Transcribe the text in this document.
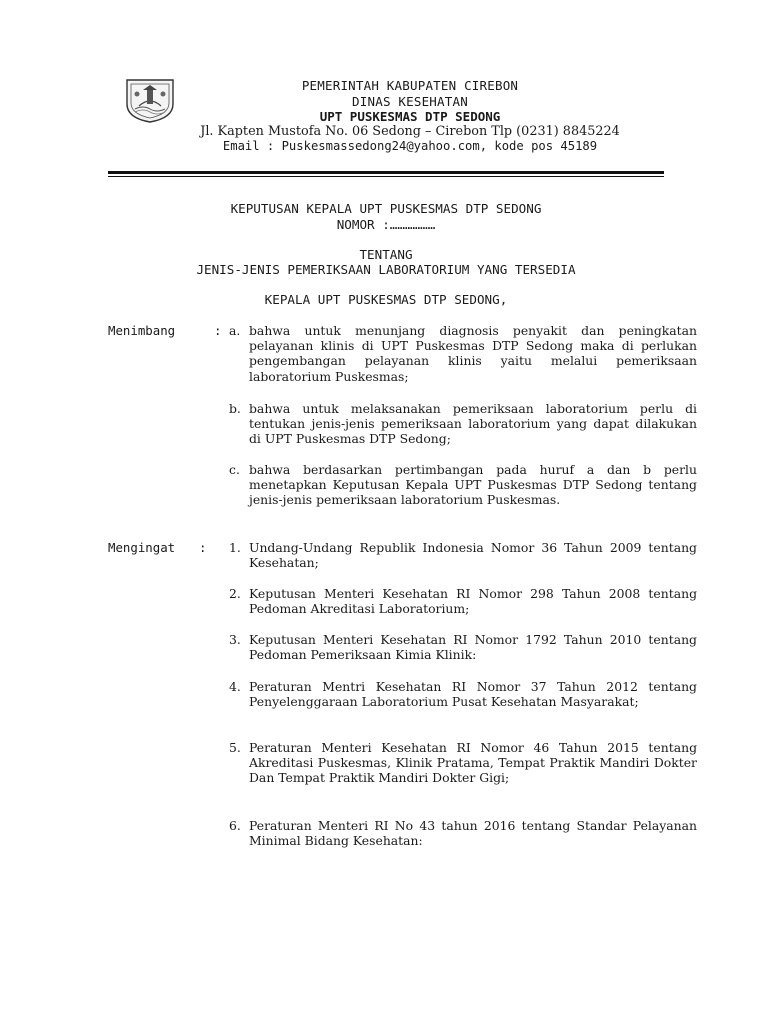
PEMERINTAH KABUPATEN CIREBON
DINAS KESEHATAN
UPT PUSKESMAS DTP SEDONG
Jl. Kapten Mustofa No. 06 Sedong – Cirebon Tlp (0231) 8845224
Email : Puskesmassedong24@yahoo.com, kode pos 45189
KEPUTUSAN KEPALA UPT PUSKESMAS DTP SEDONG
NOMOR :………………
TENTANG
JENIS-JENIS PEMERIKSAAN LABORATORIUM YANG TERSEDIA
KEPALA UPT PUSKESMAS DTP SEDONG,
Menimbang	: a. bahwa untuk menunjang diagnosis penyakit dan peningkatan pelayanan klinis di UPT Puskesmas DTP Sedong maka di perlukan pengembangan pelayanan klinis yaitu melalui pemeriksaan laboratorium Puskesmas;
b. bahwa untuk melaksanakan pemeriksaan laboratorium perlu di tentukan jenis-jenis pemeriksaan laboratorium yang dapat dilakukan di UPT Puskesmas DTP Sedong;
c. bahwa berdasarkan pertimbangan pada huruf a dan b perlu menetapkan Keputusan Kepala UPT Puskesmas DTP Sedong tentang jenis-jenis pemeriksaan laboratorium Puskesmas.
Mengingat : 1. Undang-Undang Republik Indonesia Nomor 36 Tahun 2009 tentang Kesehatan;
2. Keputusan Menteri Kesehatan RI Nomor 298 Tahun 2008 tentang Pedoman Akreditasi Laboratorium;
3. Keputusan Menteri Kesehatan RI Nomor 1792 Tahun 2010 tentang Pedoman Pemeriksaan Kimia Klinik:
4. Peraturan Mentri Kesehatan RI Nomor 37 Tahun 2012 tentang Penyelenggaraan Laboratorium Pusat Kesehatan Masyarakat;
5. Peraturan Menteri Kesehatan RI Nomor 46 Tahun 2015 tentang Akreditasi Puskesmas, Klinik Pratama, Tempat Praktik Mandiri Dokter Dan Tempat Praktik Mandiri Dokter Gigi;
6. Peraturan Menteri RI No 43 tahun 2016 tentang Standar Pelayanan Minimal Bidang Kesehatan:
